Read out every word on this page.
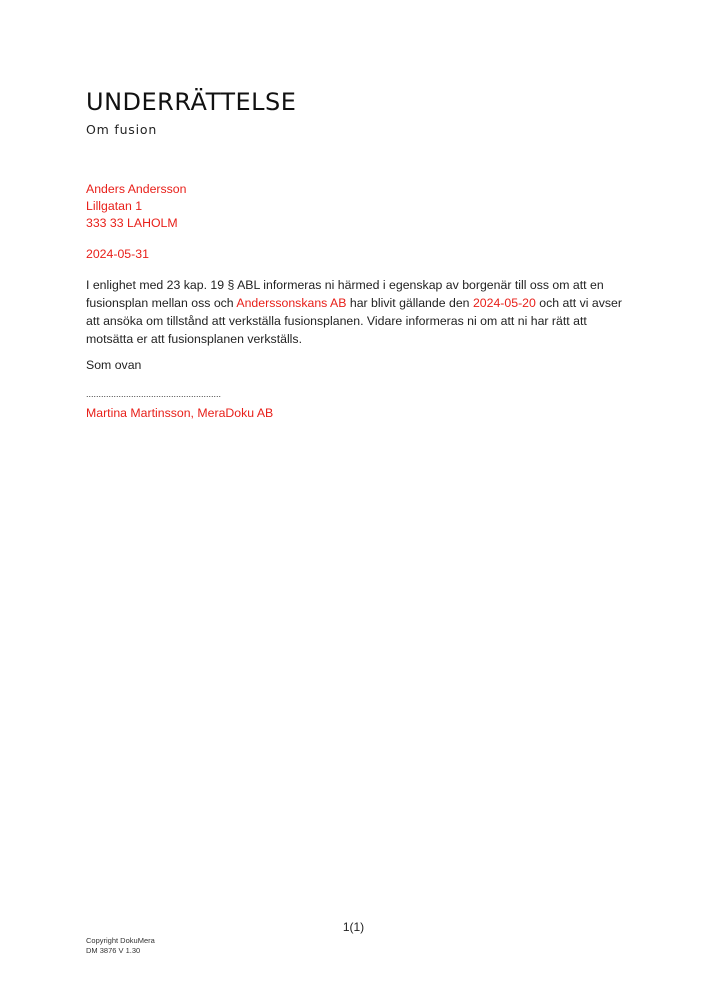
UNDERRÄTTELSE
Om fusion
Anders Andersson
Lillgatan 1
333 33 LAHOLM
2024-05-31
I enlighet med 23 kap. 19 § ABL informeras ni härmed i egenskap av borgenär till oss om att en fusionsplan mellan oss och Anderssonskans AB har blivit gällande den 2024-05-20 och att vi avser att ansöka om tillstånd att verkställa fusionsplanen. Vidare informeras ni om att ni har rätt att motsätta er att fusionsplanen verkställs.
Som ovan
......................................................
Martina Martinsson, MeraDoku AB
1(1)
Copyright DokuMera
DM 3876 V 1.30
